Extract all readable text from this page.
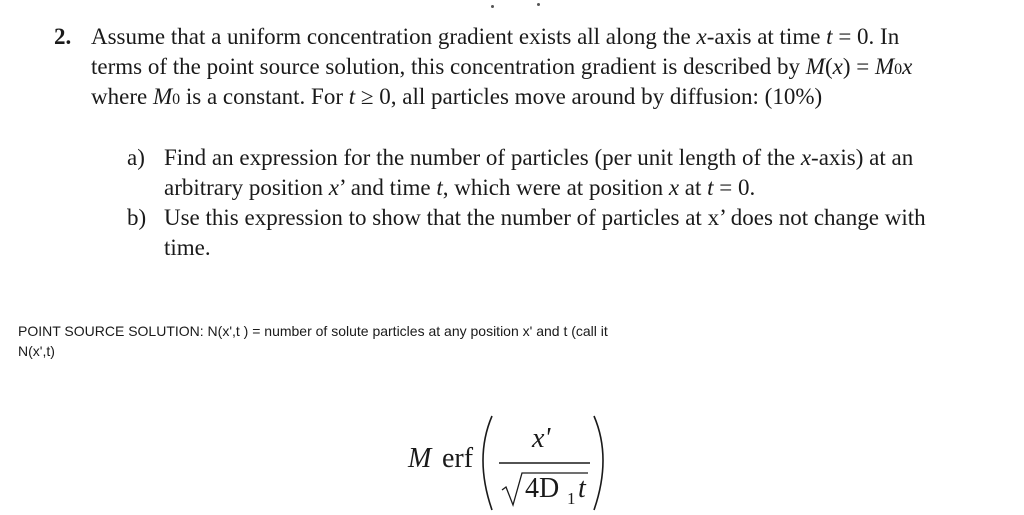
2. Assume that a uniform concentration gradient exists all along the x-axis at time t = 0. In
terms of the point source solution, this concentration gradient is described by M(x) = M0x
where M0 is a constant. For t ≥ 0, all particles move around by diffusion: (10%)
a) Find an expression for the number of particles (per unit length of the x-axis) at an
arbitrary position x’ and time t, which were at position x at t = 0.
b) Use this expression to show that the number of particles at x’ does not change with
time.
POINT SOURCE SOLUTION: N(x',t ) = number of solute particles at any position x' and t (call it
N(x',t)
M erf
x'
4D 1 t
